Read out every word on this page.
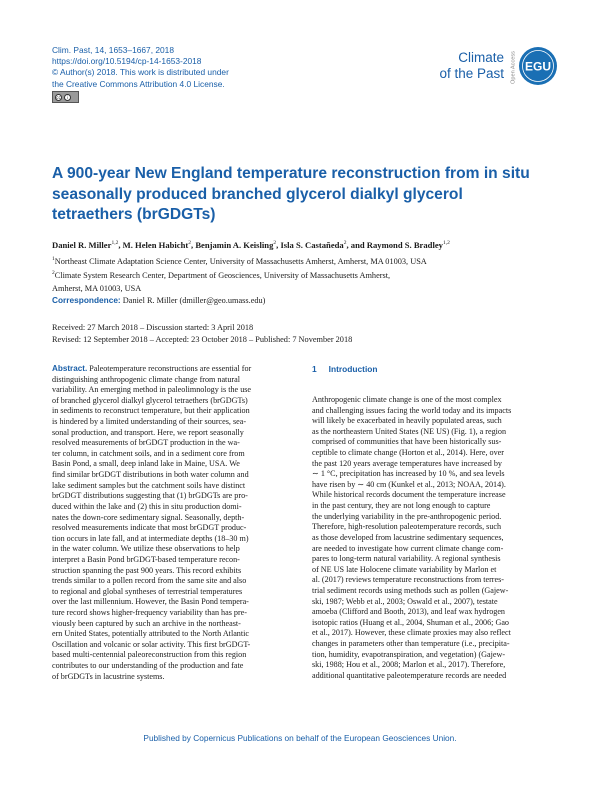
Clim. Past, 14, 1653–1667, 2018
https://doi.org/10.5194/cp-14-1653-2018
© Author(s) 2018. This work is distributed under
the Creative Commons Attribution 4.0 License.
cc	i
Climate
of the Past Open Access EGU
A 900-year New England temperature reconstruction from in situ
seasonally produced branched glycerol dialkyl glycerol
tetraethers (brGDGTs)
Daniel R. Miller$^{1,2}$, M. Helen Habicht$^2$, Benjamin A. Keisling$^2$, Isla S. Castañeda$^2$, and Raymond S. Bradley$^{1,2}$
$^1$Northeast Climate Adaptation Science Center, University of Massachusetts Amherst, Amherst, MA 01003, USA
$^2$Climate System Research Center, Department of Geosciences, University of Massachusetts Amherst,
Amherst, MA 01003, USA
Correspondence: Daniel R. Miller (dmiller@geo.umass.edu)
Received: 27 March 2018 – Discussion started: 3 April 2018
Revised: 12 September 2018 – Accepted: 23 October 2018 – Published: 7 November 2018
Abstract. Paleotemperature reconstructions are essential for
distinguishing anthropogenic climate change from natural
variability. An emerging method in paleolimnology is the use
of branched glycerol dialkyl glycerol tetraethers (brGDGTs)
in sediments to reconstruct temperature, but their application
is hindered by a limited understanding of their sources, sea-
sonal production, and transport. Here, we report seasonally
resolved measurements of brGDGT production in the wa-
ter column, in catchment soils, and in a sediment core from
Basin Pond, a small, deep inland lake in Maine, USA. We
find similar brGDGT distributions in both water column and
lake sediment samples but the catchment soils have distinct
brGDGT distributions suggesting that (1) brGDGTs are pro-
duced within the lake and (2) this in situ production domi-
nates the down-core sedimentary signal. Seasonally, depth-
resolved measurements indicate that most brGDGT produc-
tion occurs in late fall, and at intermediate depths (18–30 m)
in the water column. We utilize these observations to help
interpret a Basin Pond brGDGT-based temperature recon-
struction spanning the past 900 years. This record exhibits
trends similar to a pollen record from the same site and also
to regional and global syntheses of terrestrial temperatures
over the last millennium. However, the Basin Pond tempera-
ture record shows higher-frequency variability than has pre-
viously been captured by such an archive in the northeast-
ern United States, potentially attributed to the North Atlantic
Oscillation and volcanic or solar activity. This first brGDGT-
based multi-centennial paleoreconstruction from this region
contributes to our understanding of the production and fate
of brGDGTs in lacustrine systems.
1 Introduction
Anthropogenic climate change is one of the most complex
and challenging issues facing the world today and its impacts
will likely be exacerbated in heavily populated areas, such
as the northeastern United States (NE US) (Fig. 1), a region
comprised of communities that have been historically sus-
ceptible to climate change (Horton et al., 2014). Here, over
the past 120 years average temperatures have increased by
∼ 1 °C, precipitation has increased by 10 %, and sea levels
have risen by ∼ 40 cm (Kunkel et al., 2013; NOAA, 2014).
While historical records document the temperature increase
in the past century, they are not long enough to capture
the underlying variability in the pre-anthropogenic period.
Therefore, high-resolution paleotemperature records, such
as those developed from lacustrine sedimentary sequences,
are needed to investigate how current climate change com-
pares to long-term natural variability. A regional synthesis
of NE US late Holocene climate variability by Marlon et
al. (2017) reviews temperature reconstructions from terres-
trial sediment records using methods such as pollen (Gajew-
ski, 1987; Webb et al., 2003; Oswald et al., 2007), testate
amoeba (Clifford and Booth, 2013), and leaf wax hydrogen
isotopic ratios (Huang et al., 2004, Shuman et al., 2006; Gao
et al., 2017). However, these climate proxies may also reflect
changes in parameters other than temperature (i.e., precipita-
tion, humidity, evapotranspiration, and vegetation) (Gajew-
ski, 1988; Hou et al., 2008; Marlon et al., 2017). Therefore,
additional quantitative paleotemperature records are needed
Published by Copernicus Publications on behalf of the European Geosciences Union.
